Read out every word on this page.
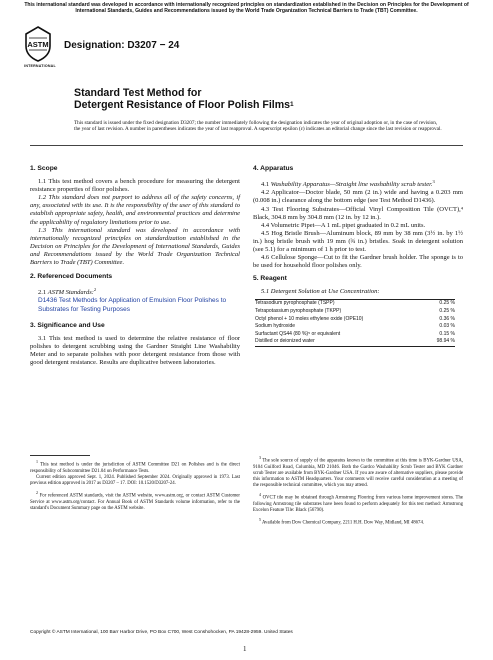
This international standard was developed in accordance with internationally recognized principles on standardization established in the Decision on Principles for the Development of International Standards, Guides and Recommendations issued by the World Trade Organization Technical Barriers to Trade (TBT) Committee.
ASTM
INTERNATIONAL
Designation: D3207 − 24
Standard Test Method for
Detergent Resistance of Floor Polish Films$^1$
This standard is issued under the fixed designation D3207; the number immediately following the designation indicates the year of original adoption or, in the case of revision, the year of last revision. A number in parentheses indicates the year of last reapproval. A superscript epsilon (ε) indicates an editorial change since the last revision or reapproval.
1. Scope
1.1 This test method covers a bench procedure for measuring the detergent resistance properties of floor polishes.
1.2 This standard does not purport to address all of the safety concerns, if any, associated with its use. It is the responsibility of the user of this standard to establish appropriate safety, health, and environmental practices and determine the applicability of regulatory limitations prior to use.
1.3 This international standard was developed in accordance with internationally recognized principles on standardization established in the Decision on Principles for the Development of International Standards, Guides and Recommendations issued by the World Trade Organization Technical Barriers to Trade (TBT) Committee.
2. Referenced Documents
2.1 ASTM Standards:$^2$
D1436 Test Methods for Application of Emulsion Floor Polishes to Substrates for Testing Purposes
3. Significance and Use
3.1 This test method is used to determine the relative resistance of floor polishes to detergent scrubbing using the Gardner Straight Line Washability Meter and to separate polishes with poor detergent resistance from those with good detergent resistance. Results are duplicative between laboratories.
$^1$ This test method is under the jurisdiction of ASTM Committee D21 on Polishes and is the direct responsibility of Subcommittee D21.04 on Performance Tests.
Current edition approved Sept. 1, 2024. Published September 2024. Originally approved in 1973. Last previous edition approved in 2017 as D3207 – 17. DOI: 10.1520/D3207-24.
$^2$ For referenced ASTM standards, visit the ASTM website, www.astm.org, or contact ASTM Customer Service at www.astm.org/contact. For Annual Book of ASTM Standards volume information, refer to the standard's Document Summary page on the ASTM website.
4. Apparatus
4.1 Washability Apparatus—Straight line washability scrub tester.$^3$
4.2 Applicator—Doctor blade, 50 mm (2 in.) wide and having a 0.203 mm (0.008 in.) clearance along the bottom edge (see Test Method D1436).
4.3 Test Flooring Substrates—Official Vinyl Composition Tile (OVCT),⁴ Black, 304.8 mm by 304.8 mm (12 in. by 12 in.).
4.4 Volumetric Pipet—A 1 mL pipet graduated in 0.2 mL units.
4.5 Hog Bristle Brush—Aluminum block, 89 mm by 38 mm (3½ in. by 1½ in.) hog bristle brush with 19 mm (¾ in.) bristles. Soak in detergent solution (see 5.1) for a minimum of 1 h prior to test.
4.6 Cellulose Sponge—Cut to fit the Gardner brush holder. The sponge is to be used for household floor polishes only.
5. Reagent
5.1 Detergent Solution at Use Concentration:
Tetrasodium pyrophosphate (TSPP)	0.25 %
Tetrapotassium pyrophosphate (TKPP)	0.25 %
Octyl phenol + 10 moles ethylene oxide (OPE10)	0.36 %
Sodium hydroxide	0.03 %
Surfactant QS44 (80 %)⁵ or equivalent	0.15 %
Distilled or deionized water	98.94 %
$^3$ The sole source of supply of the apparatus known to the committee at this time is BYK-Gardner USA, 9104 Guilford Road, Columbia, MD 21046. Both the Gardco Washability Scrub Tester and BYK Gardner scrub Tester are available from BYK-Gardner USA. If you are aware of alternative suppliers, please provide this information to ASTM Headquarters. Your comments will receive careful consideration at a meeting of the responsible technical committee, which you may attend.
$^4$ OVCT tile may be obtained through Armstrong Flooring from various home improvement stores. The following Armstrong tile substrates have been found to perform adequately for this test method: Armstrong Excelon Feature Tile: Black (56790).
$^5$ Available from Dow Chemical Company, 2211 H.H. Dow Way, Midland, MI 48674.
Copyright © ASTM International, 100 Barr Harbor Drive, PO Box C700, West Conshohocken, PA 19428-2959. United States
1
